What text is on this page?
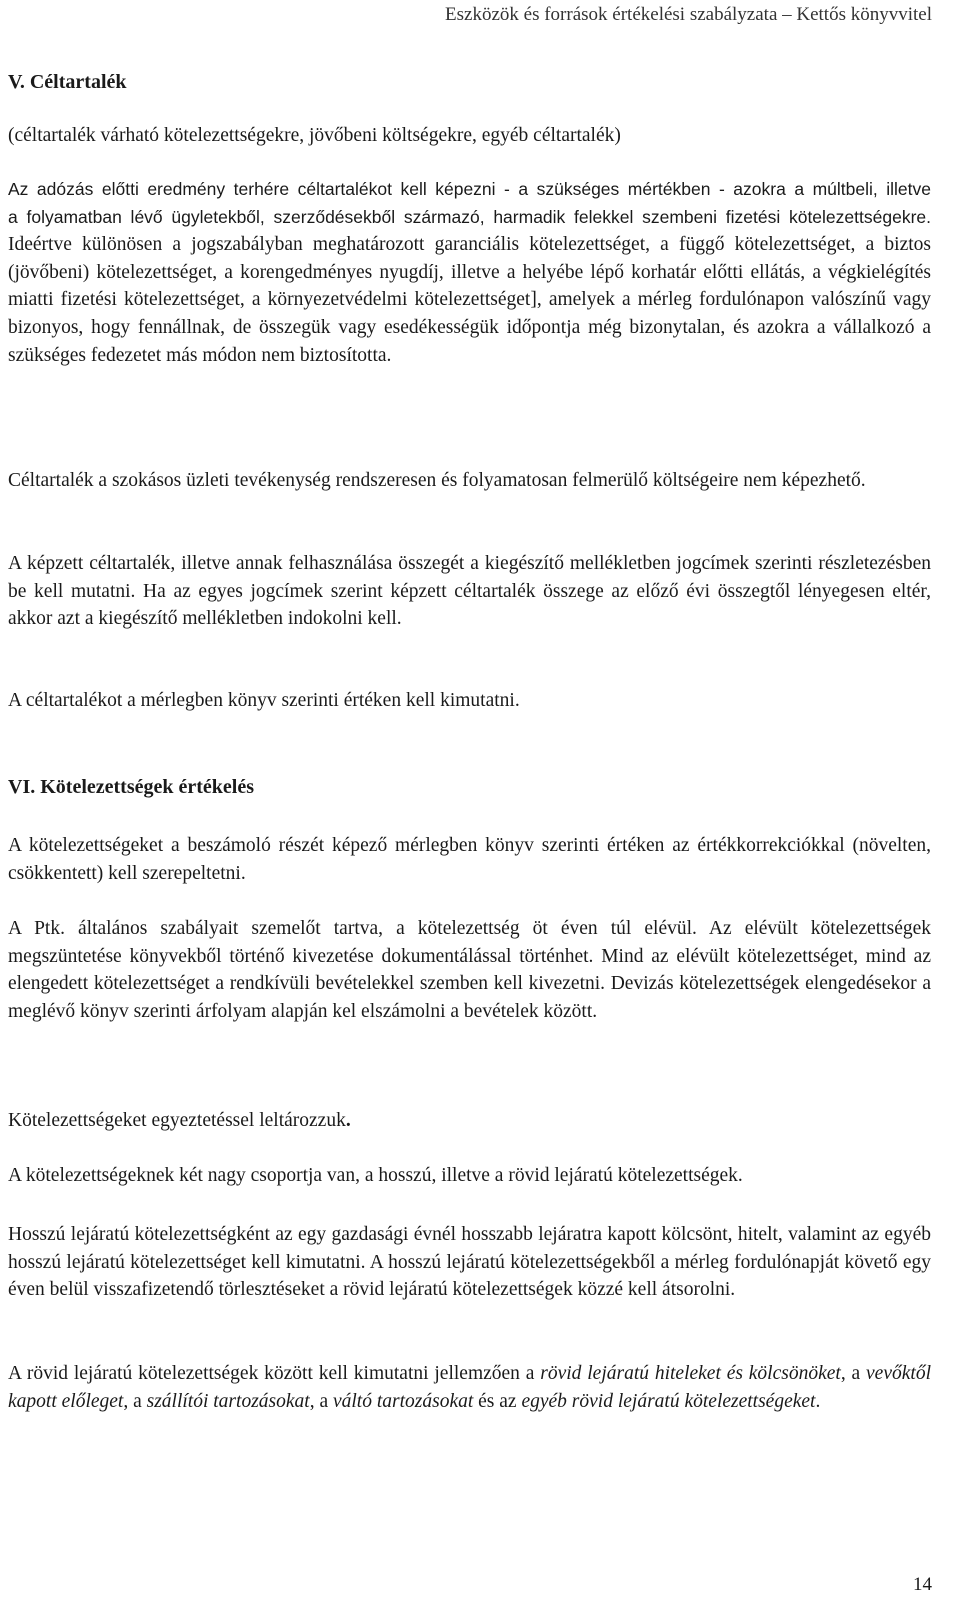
Eszközök és források értékelési szabályzata – Kettős könyvvitel
V. Céltartalék
(céltartalék várható kötelezettségekre, jövőbeni költségekre, egyéb céltartalék)

Az adózás előtti eredmény terhére céltartalékot kell képezni - a szükséges mértékben - azokra a múltbeli, illetve a folyamatban lévő ügyletekből, szerződésekből származó, harmadik felekkel szembeni fizetési kötelezettségekre. Ideértve különösen a jogszabályban meghatározott garanciális kötelezettséget, a függő kötelezettséget, a biztos (jövőbeni) kötelezettséget, a korengedményes nyugdíj, illetve a helyébe lépő korhatár előtti ellátás, a végkielégítés miatti fizetési kötelezettséget, a környezetvédelmi kötelezettséget], amelyek a mérleg fordulónapon valószínű vagy bizonyos, hogy fennállnak, de összegük vagy esedékességük időpontja még bizonytalan, és azokra a vállalkozó a szükséges fedezetet más módon nem biztosította.

Céltartalék a szokásos üzleti tevékenység rendszeresen és folyamatosan felmerülő költségeire nem képezhető.

A képzett céltartalék, illetve annak felhasználása összegét a kiegészítő mellékletben jogcímek szerinti részletezésben be kell mutatni. Ha az egyes jogcímek szerint képzett céltartalék összege az előző évi összegtől lényegesen eltér, akkor azt a kiegészítő mellékletben indokolni kell.

A céltartalékot a mérlegben könyv szerinti értéken kell kimutatni.
VI. Kötelezettségek értékelés

A kötelezettségeket a beszámoló részét képező mérlegben könyv szerinti értéken az értékkorrekciókkal (növelten, csökkentett) kell szerepeltetni.

A Ptk. általános szabályait szemelőt tartva, a kötelezettség öt éven túl elévül. Az elévült kötelezettségek megszüntetése könyvekből történő kivezetése dokumentálással történhet. Mind az elévült kötelezettséget, mind az elengedett kötelezettséget a rendkívüli bevételekkel szemben kell kivezetni. Devizás kötelezettségek elengedésekor a meglévő könyv szerinti árfolyam alapján kel elszámolni a bevételek között.

Kötelezettségeket egyeztetéssel leltározzuk.
A kötelezettségeknek két nagy csoportja van, a hosszú, illetve a rövid lejáratú kötelezettségek.

Hosszú lejáratú kötelezettségként az egy gazdasági évnél hosszabb lejáratra kapott kölcsönt, hitelt, valamint az egyéb hosszú lejáratú kötelezettséget kell kimutatni. A hosszú lejáratú kötelezettségekből a mérleg fordulónapját követő egy éven belül visszafizetendő törlesztéseket a rövid lejáratú kötelezettségek közzé kell átsorolni.

A rövid lejáratú kötelezettségek között kell kimutatni jellemzően a rövid lejáratú hiteleket és kölcsönöket, a vevőktől kapott előleget, a szállítói tartozásokat, a váltó tartozásokat és az egyéb rövid lejáratú kötelezettségeket.

14
